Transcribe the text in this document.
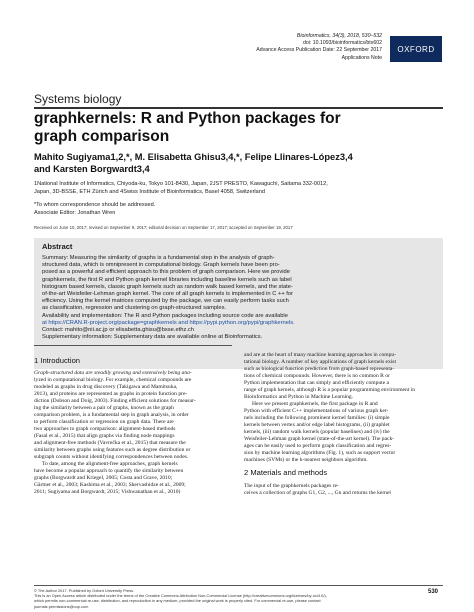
Bioinformatics, 34(3), 2018, 530–532
doi: 10.1093/bioinformatics/btx602
Advance Access Publication Date: 22 September 2017
Applications Note
OXFORD
Systems biology
graphkernels: R and Python packages for
graph comparison
Mahito Sugiyama1,2,*, M. Elisabetta Ghisu3,4,*, Felipe Llinares-López3,4
and Karsten Borgwardt3,4
1National Institute of Informatics, Chiyoda-ku, Tokyo 101-8430, Japan, 2JST PRESTO, Kawaguchi, Saitama 332-0012,
Japan, 3D-BSSE, ETH Zürich and 4Swiss Institute of Bioinformatics, Basel 4058, Switzerland
*To whom correspondence should be addressed.
Associate Editor: Jonathan Wren
Received on June 10, 2017; revised on September 9, 2017; editorial decision on September 17, 2017; accepted on September 19, 2017
Abstract
Summary: Measuring the similarity of graphs is a fundamental step in the analysis of graph-
structured data, which is omnipresent in computational biology. Graph kernels have been pro-
posed as a powerful and efficient approach to this problem of graph comparison. Here we provide
graphkernels, the first R and Python graph kernel libraries including baseline kernels such as label
histogram based kernels, classic graph kernels such as random walk based kernels, and the state-
of-the-art Weisfeiler-Lehman graph kernel. The core of all graph kernels is implemented in C ++ for
efficiency. Using the kernel matrices computed by the package, we can easily perform tasks such
as classification, regression and clustering on graph-structured samples.
Availability and implementation: The R and Python packages including source code are available
at https://CRAN.R-project.org/package=graphkernels and https://pypi.python.org/pypi/graphkernels.
Contact: mahito@nii.ac.jp or elisabetta.ghisu@bsse.ethz.ch
Supplementary information: Supplementary data are available online at Bioinformatics.
1 Introduction
Graph-structured data are steadily growing and extensively being ana-
lyzed in computational biology. For example, chemical compounds are
modeled as graphs in drug discovery (Takigawa and Mamitsuka,
2013), and proteins are represented as graphs in protein function pre-
diction (Dobson and Doig, 2003). Finding efficient solutions for measur-
ing the similarity between a pair of graphs, known as the graph
comparison problem, is a fundamental step in graph analysis, in order
to perform classification or regression on graph data. There are
two approaches to graph comparison: alignment-based methods
(Fasal et al., 2015) that align graphs via finding node mappings
and alignment-free methods (Vavrečka et al., 2015) that measure the
similarity between graphs using features such as degree distribution or
subgraph counts without identifying correspondences between nodes.
To date, among the alignment-free approaches, graph kernels
have become a popular approach to quantify the similarity between
graphs (Borgwardt and Kriegel, 2005; Costa and Grave, 2010;
Gärtner et al., 2003; Kashima et al., 2003; Shervashidze et al., 2009;
2011; Sugiyama and Borgwardt, 2015; Vishwanathan et al., 2010)
and are at the heart of many machine learning approaches in compu-
tational biology. A number of key applications of graph kernels exist
such as biological function prediction from graph-based representa-
tions of chemical compounds. However, there is no common R or
Python implementation that can simply and efficiently compute a
range of graph kernels, although R is a popular programming environment in
Bioinformatics and Python in Machine Learning.
Here we present graphkernels, the first package in R and
Python with efficient C++ implementations of various graph ker-
nels including the following prominent kernel families: (i) simple
kernels between vertex and/or edge label histograms, (ii) graphlet
kernels, (iii) random walk kernels (popular baselines) and (iv) the
Weisfeiler-Lehman graph kernel (state-of-the-art kernel). The pack-
ages can be easily used to perform graph classification and regres-
sion by machine learning algorithms (Fig. 1), such as support vector
machines (SVMs) or the k-nearest neighbors algorithm.
2 Materials and methods
The input of the graphkernels packages re-
ceives a collection of graphs G1, G2, ..., Gn and returns the kernel
© The Author 2017. Published by Oxford University Press.
This is an Open Access article distributed under the terms of the Creative Commons Attribution Non-Commercial License (http://creativecommons.org/licenses/by-nc/4.0/),
which permits non-commercial re-use, distribution, and reproduction in any medium, provided the original work is properly cited. For commercial re-use, please contact
journals.permissions@oup.com
530
